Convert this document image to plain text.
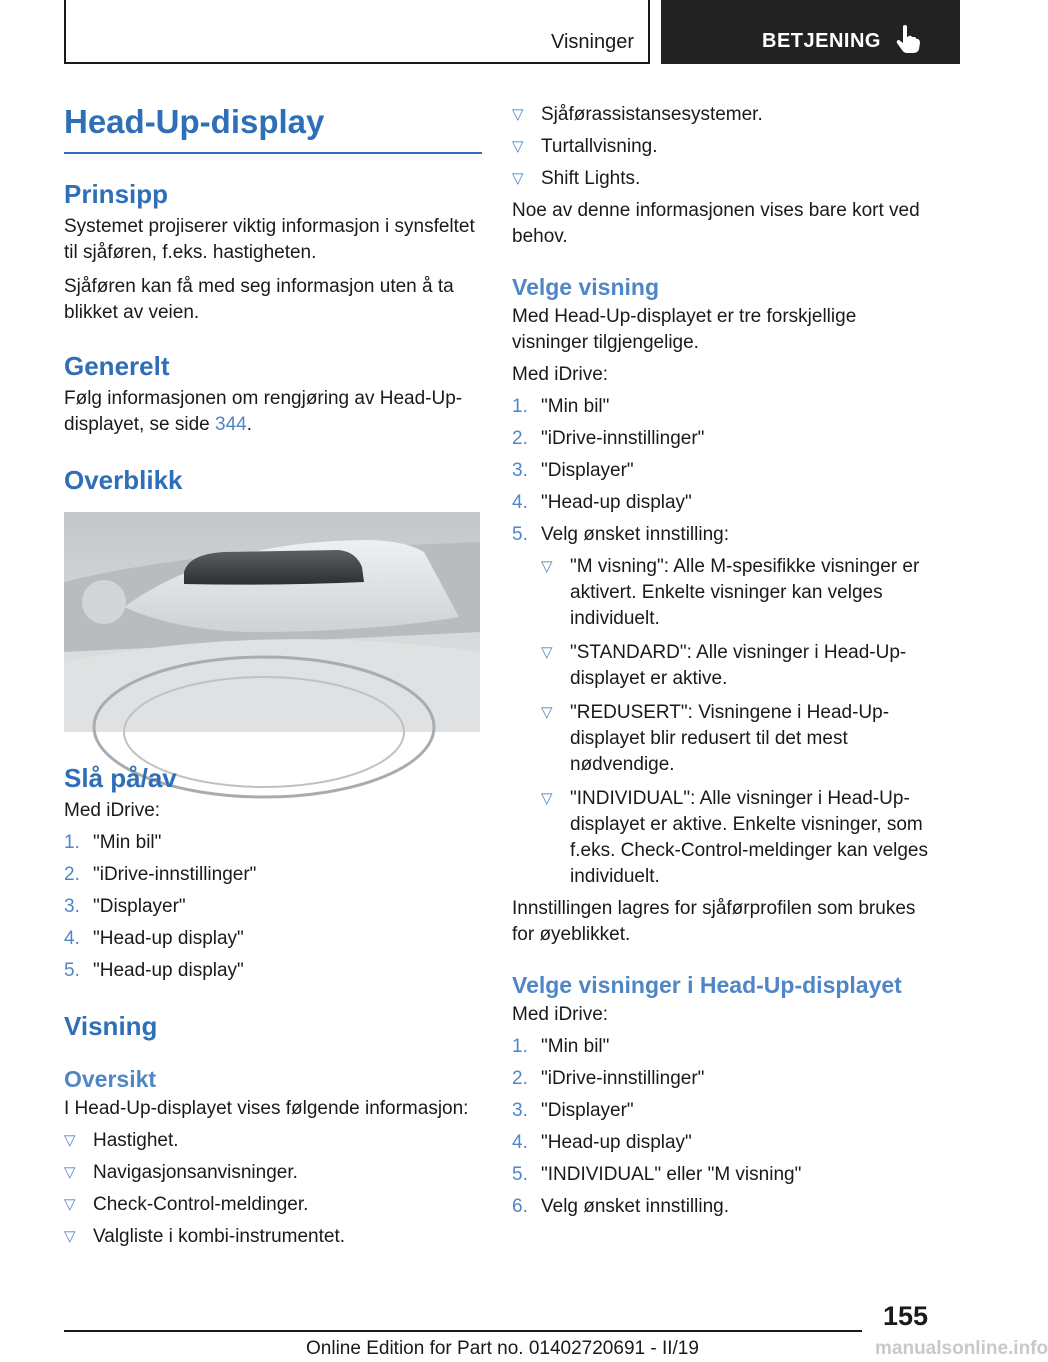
Visninger	BETJENING
Head-Up-display
Prinsipp

Systemet projiserer viktig informasjon i synsfeltet til sjåføren, f.eks. hastigheten.

Sjåføren kan få med seg informasjon uten å ta blikket av veien.

Generelt

Følg informasjonen om rengjøring av Head-Up-displayet, se side 344.

Overblikk
Slå på/av

Med iDrive:

1. "Min bil"
2. "iDrive-innstillinger"
3. "Displayer"
4. "Head-up display"
5. "Head-up display"
Visning
Oversikt

I Head-Up-displayet vises følgende informasjon:

▽ Hastighet.
▽ Navigasjonsanvisninger.
▽ Check-Control-meldinger.
▽ Valgliste i kombi-instrumentet.
▽ Sjåførassistansesystemer.
▽ Turtallvisning.
▽ Shift Lights.

Noe av denne informasjonen vises bare kort ved behov.

Velge visning

Med Head-Up-displayet er tre forskjellige visninger tilgjengelige.

Med iDrive:

1. "Min bil"
2. "iDrive-innstillinger"
3. "Displayer"
4. "Head-up display"
5. Velg ønsket innstilling:
▽ "M visning": Alle M-spesifikke visninger er aktivert. Enkelte visninger kan velges individuelt.
▽ "STANDARD": Alle visninger i Head-Up-displayet er aktive.
▽ "REDUSERT": Visningene i Head-Up-displayet blir redusert til det mest nødvendige.
▽ "INDIVIDUAL": Alle visninger i Head-Up-displayet er aktive. Enkelte visninger, som f.eks. Check-Control-meldinger kan velges individuelt.

Innstillingen lagres for sjåførprofilen som brukes for øyeblikket.

Velge visninger i Head-Up-displayet

Med iDrive:

1. "Min bil"
2. "iDrive-innstillinger"
3. "Displayer"
4. "Head-up display"
5. "INDIVIDUAL" eller "M visning"
6. Velg ønsket innstilling.
155
Online Edition for Part no. 01402720691 - II/19	manualsonline.info
